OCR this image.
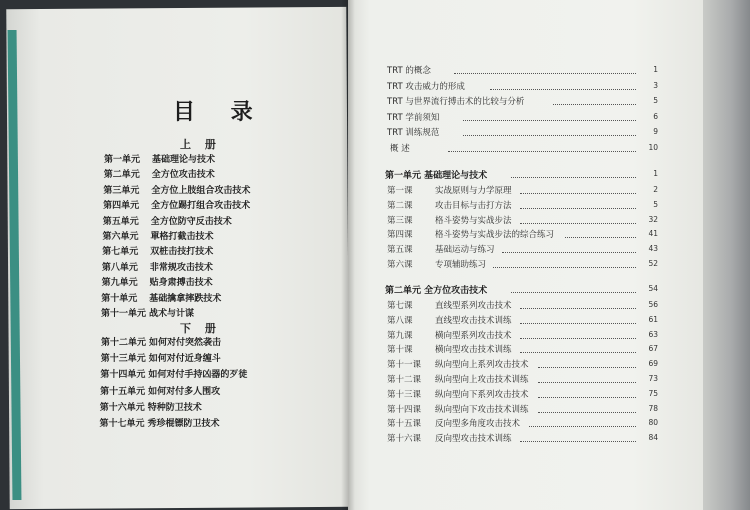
目 录
上 册
第一单元 基础理论与技术
第二单元 全方位攻击技术
第三单元 全方位上肢组合攻击技术
第四单元 全方位踢打组合攻击技术
第五单元 全方位防守反击技术
第六单元 單格打截击技术
第七单元 双桩击技打技术
第八单元 非常规攻击技术
第九单元 贴身肃搏击技术
第十单元 基础擒拿摔跌技术
第十一单元 战术与计谋
下 册
第十二单元 如何对付突然袭击
第十三单元 如何对付近身缠斗
第十四单元 如何对付手持凶器的歹徒
第十五单元 如何对付多人围攻
第十六单元 特种防卫技术
第十七单元 秀珍棍镖防卫技术
TRT 的概念	1
TRT 攻击威力的形成	3
TRT 与世界流行搏击术的比较与分析	5
TRT 学前须知	6
TRT 训练规范	9
概 述	10
第一单元 基础理论与技术	1
第一课	实战原则与力学原理	2
第二课	攻击目标与击打方法	5
第三课	格斗姿势与实战步法	32
第四课	格斗姿势与实战步法的综合练习	41
第五课	基础运动与练习	43
第六课	专项辅助练习	52
第二单元 全方位攻击技术	54
第七课	直线型系列攻击技术	56
第八课	直线型攻击技术训练	61
第九课	横向型系列攻击技术	63
第十课	横向型攻击技术训练	67
第十一课 纵向型向上系列攻击技术	69
第十二课 纵向型向上攻击技术训练	73
第十三课 纵向型向下系列攻击技术	75
第十四课 纵向型向下攻击技术训练	78
第十五课 反向型多角度攻击技术	80
第十六课 反向型攻击技术训练	84
